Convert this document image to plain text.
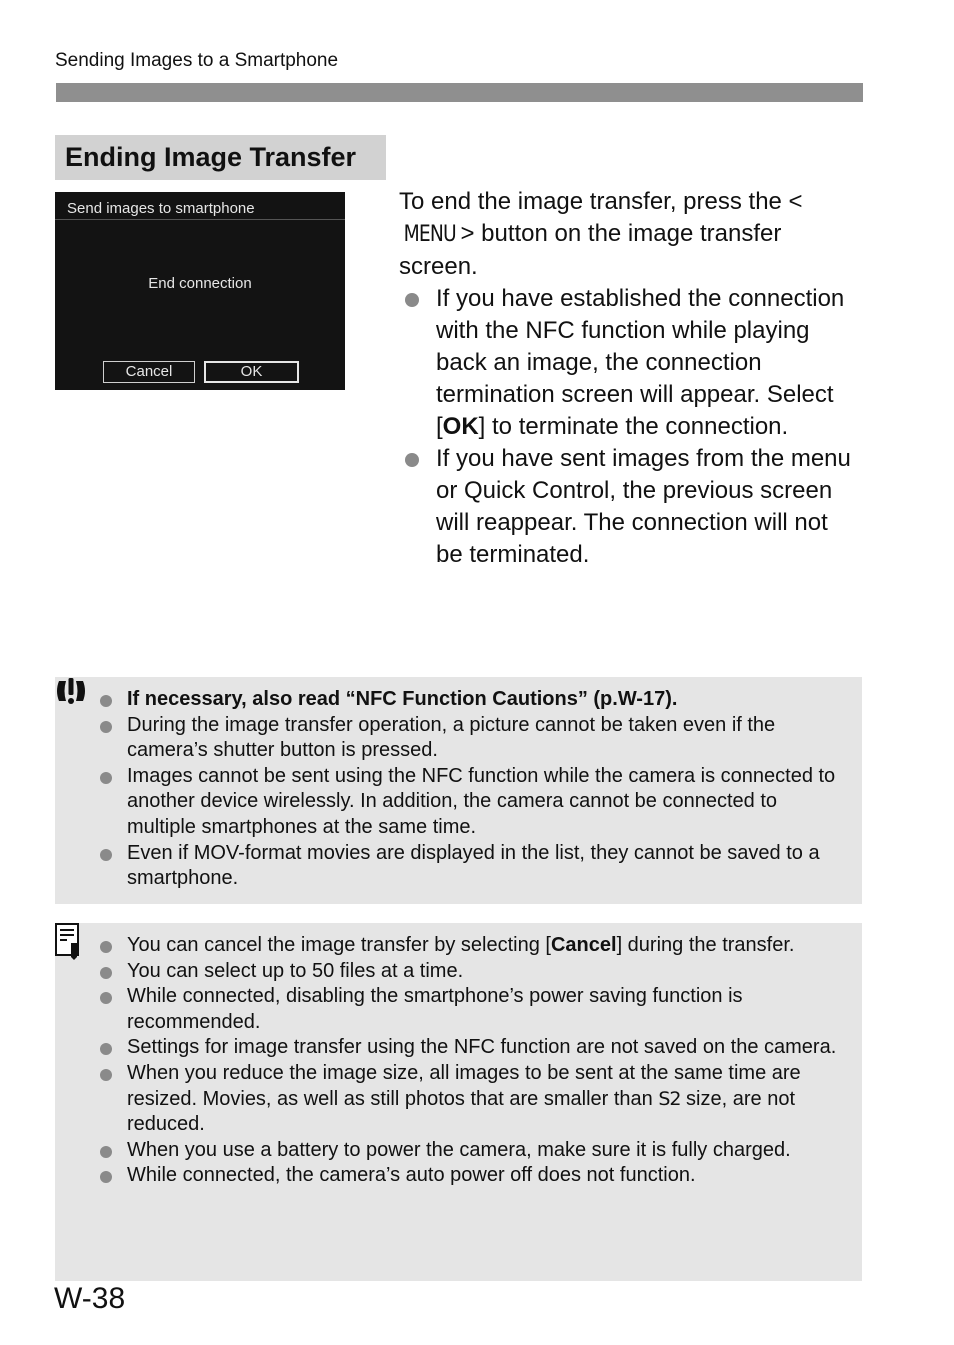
Sending Images to a Smartphone
Ending Image Transfer
Send images to smartphone
End connection
Cancel	OK

To end the image transfer, press the <MENU > button on the image transfer screen.

If you have established the connection with the NFC function while playing back an image, the connection termination screen will appear. Select [OK] to terminate the connection.
If you have sent images from the menu or Quick Control, the previous screen will reappear. The connection will not be terminated.
If necessary, also read “NFC Function Cautions” (p.W-17).
During the image transfer operation, a picture cannot be taken even if the camera’s shutter button is pressed.
Images cannot be sent using the NFC function while the camera is connected to another device wirelessly. In addition, the camera cannot be connected to multiple smartphones at the same time.
Even if MOV-format movies are displayed in the list, they cannot be saved to a smartphone.
You can cancel the image transfer by selecting [Cancel] during the transfer.
You can select up to 50 files at a time.
While connected, disabling the smartphone’s power saving function is recommended.
Settings for image transfer using the NFC function are not saved on the camera.
When you reduce the image size, all images to be sent at the same time are resized. Movies, as well as still photos that are smaller than S2 size, are not reduced.
When you use a battery to power the camera, make sure it is fully charged.
While connected, the camera’s auto power off does not function.
W-38
